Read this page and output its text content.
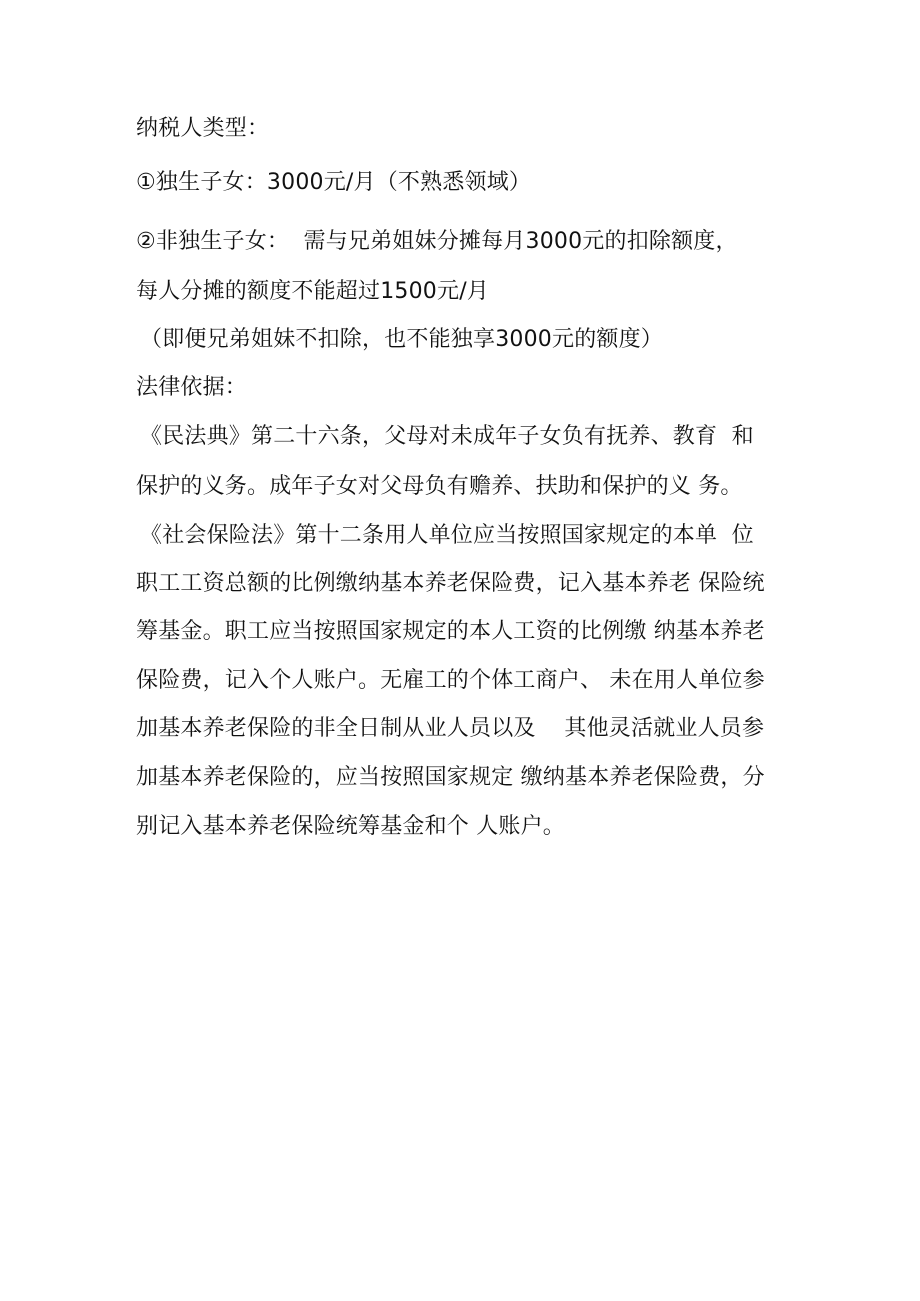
纳税人类型：
①独生子女：3000元/月（不熟悉领域）
②非独生子女：  需与兄弟姐妹分摊每月3000元的扣除额度，
每人分摊的额度不能超过1500元/月
（即便兄弟姐妹不扣除，也不能独享3000元的额度）
法律依据：
《民法典》第二十六条，父母对未成年子女负有抚养、教育  和
保护的义务。成年子女对父母负有赡养、扶助和保护的义 务。
《社会保险法》第十二条用人单位应当按照国家规定的本单  位
职工工资总额的比例缴纳基本养老保险费，记入基本养老 保险统
筹基金。职工应当按照国家规定的本人工资的比例缴 纳基本养老
保险费，记入个人账户。无雇工的个体工商户、 未在用人单位参
加基本养老保险的非全日制从业人员以及    其他灵活就业人员参
加基本养老保险的，应当按照国家规定 缴纳基本养老保险费，分
别记入基本养老保险统筹基金和个 人账户。
